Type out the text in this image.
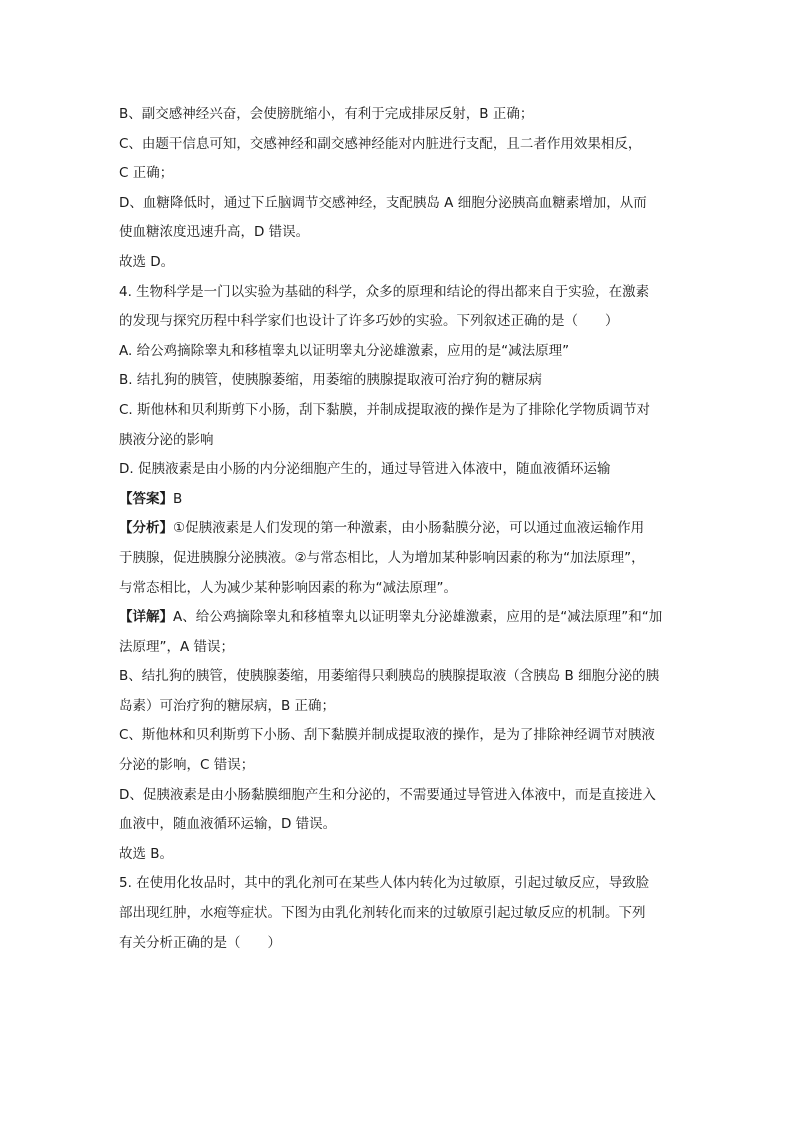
B、副交感神经兴奋，会使膀胱缩小，有利于完成排尿反射，B 正确；
C、由题干信息可知，交感神经和副交感神经能对内脏进行支配，且二者作用效果相反，
C 正确；
D、血糖降低时，通过下丘脑调节交感神经，支配胰岛 A 细胞分泌胰高血糖素增加，从而
使血糖浓度迅速升高，D 错误。
故选 D。
4. 生物科学是一门以实验为基础的科学，众多的原理和结论的得出都来自于实验，在激素
的发现与探究历程中科学家们也设计了许多巧妙的实验。下列叙述正确的是（　　）
A. 给公鸡摘除睾丸和移植睾丸以证明睾丸分泌雄激素，应用的是“减法原理”
B. 结扎狗的胰管，使胰腺萎缩，用萎缩的胰腺提取液可治疗狗的糖尿病
C. 斯他林和贝利斯剪下小肠，刮下黏膜，并制成提取液的操作是为了排除化学物质调节对
胰液分泌的影响
D. 促胰液素是由小肠的内分泌细胞产生的，通过导管进入体液中，随血液循环运输
【答案】B
【分析】①促胰液素是人们发现的第一种激素，由小肠黏膜分泌，可以通过血液运输作用
于胰腺，促进胰腺分泌胰液。②与常态相比，人为增加某种影响因素的称为“加法原理”，
与常态相比，人为减少某种影响因素的称为“减法原理”。
【详解】A、给公鸡摘除睾丸和移植睾丸以证明睾丸分泌雄激素，应用的是“减法原理”和“加
法原理”，A 错误；
B、结扎狗的胰管，使胰腺萎缩，用萎缩得只剩胰岛的胰腺提取液（含胰岛 B 细胞分泌的胰
岛素）可治疗狗的糖尿病，B 正确；
C、斯他林和贝利斯剪下小肠、刮下黏膜并制成提取液的操作，是为了排除神经调节对胰液
分泌的影响，C 错误；
D、促胰液素是由小肠黏膜细胞产生和分泌的，不需要通过导管进入体液中，而是直接进入
血液中，随血液循环运输，D 错误。
故选 B。
5. 在使用化妆品时，其中的乳化剂可在某些人体内转化为过敏原，引起过敏反应，导致脸
部出现红肿，水疱等症状。下图为由乳化剂转化而来的过敏原引起过敏反应的机制。下列
有关分析正确的是（　　）
